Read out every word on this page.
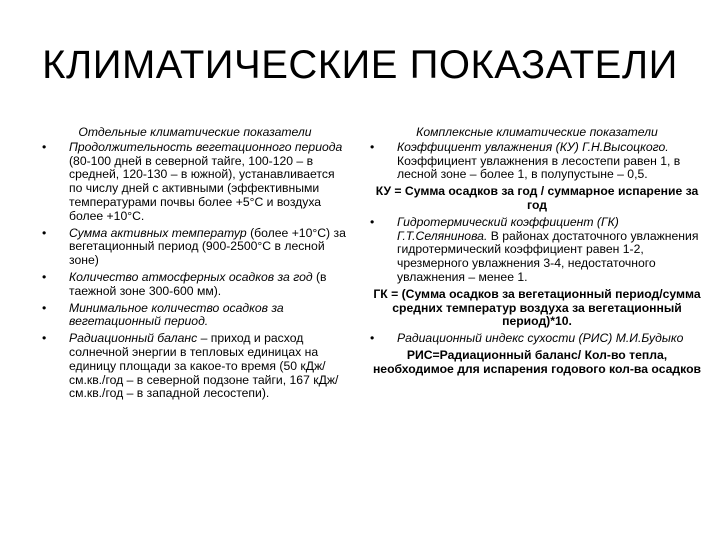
КЛИМАТИЧЕСКИЕ ПОКАЗАТЕЛИ
Отдельные климатические показатели
• Продолжительность вегетационного периода (80-100 дней в северной тайге, 100-120 – в средней, 120-130 – в южной), устанавливается по числу дней с активными (эффективными температурами почвы более +5°С и воздуха более +10°С.
• Сумма активных температур (более +10°С) за вегетационный период (900-2500°С в лесной зоне)
• Количество атмосферных осадков за год (в таежной зоне 300-600 мм).
• Минимальное количество осадков за вегетационный период.
• Радиационный баланс – приход и расход солнечной энергии в тепловых единицах на единицу площади за какое-то время (50 кДж/см.кв./год – в северной подзоне тайги, 167 кДж/см.кв./год – в западной лесостепи).
Комплексные климатические показатели
• Коэффициент увлажнения (КУ) Г.Н.Высоцкого. Коэффициент увлажнения в лесостепи равен 1, в лесной зоне – более 1, в полупустыне – 0,5.
КУ = Сумма осадков за год / суммарное испарение за год
• Гидротермический коэффициент (ГК) Г.Т.Селянинова. В районах достаточного увлажнения гидротермический коэффициент равен 1-2, чрезмерного увлажнения 3-4, недостаточного увлажнения – менее 1.
ГК = (Сумма осадков за вегетационный период/сумма средних температур воздуха за вегетационный период)*10.
• Радиационный индекс сухости (РИС) М.И.Будыко
РИС=Радиационный баланс/ Кол-во тепла, необходимое для испарения годового кол-ва осадков
